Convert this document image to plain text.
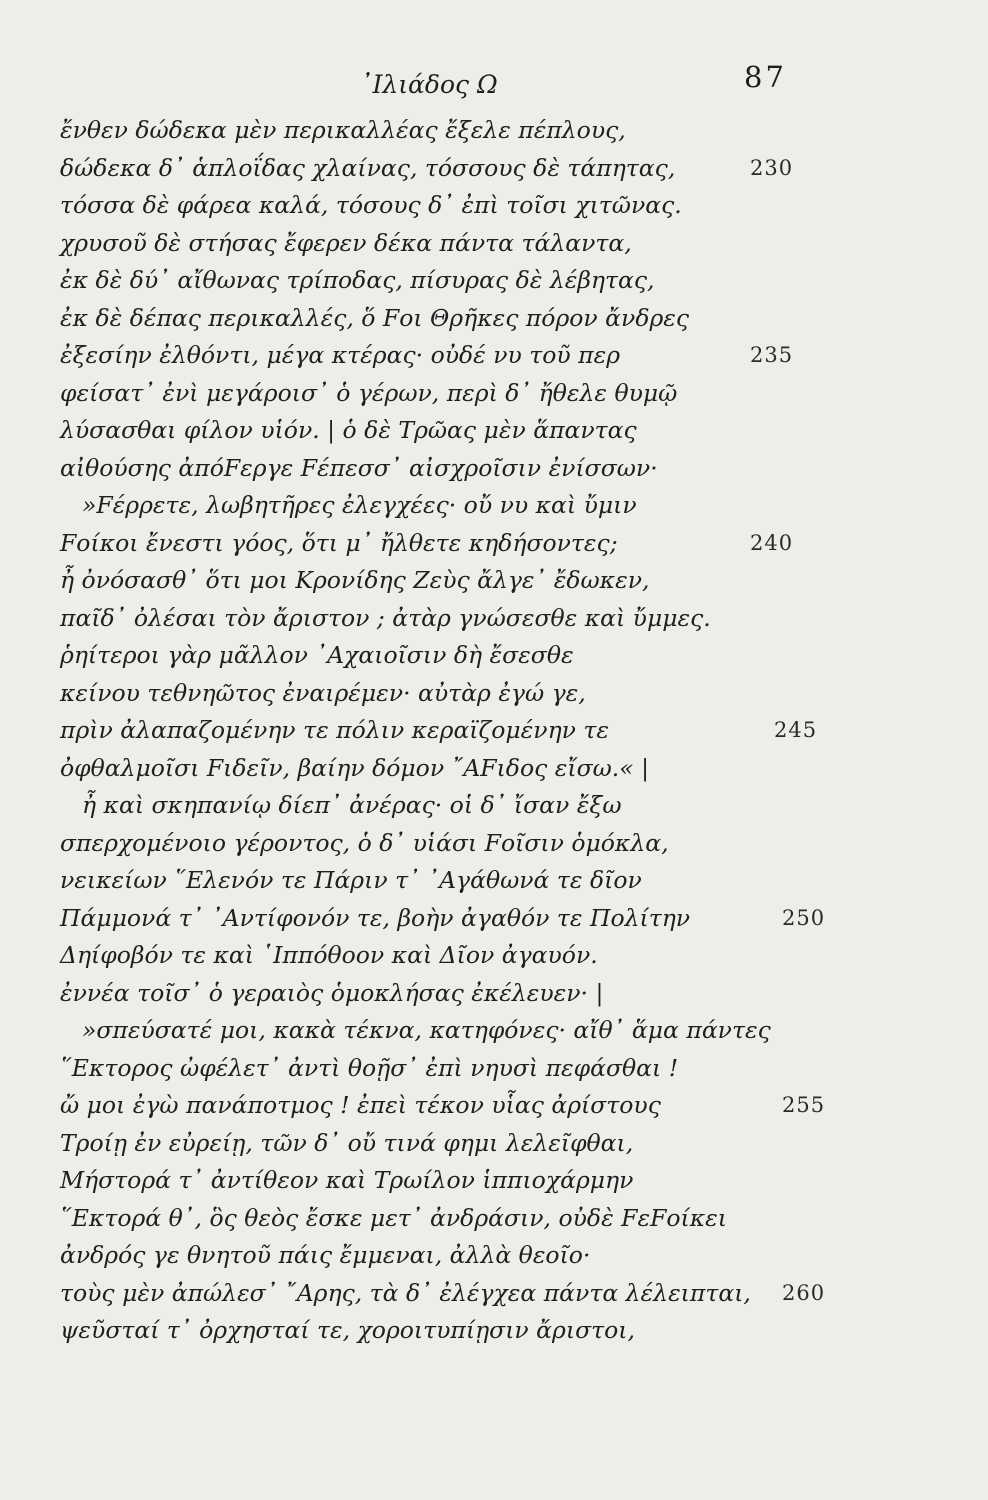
᾿Ιλιάδος Ω	87
ἔνθεν δώδεκα μὲν περικαλλέας ἔξελε πέπλους,
δώδεκα δ᾿ ἁπλοΐδας χλαίνας, τόσσους δὲ τάπητας,	230
τόσσα δὲ φάρεα καλά, τόσους δ᾿ ἐπὶ τοῖσι χιτῶνας.
χρυσοῦ δὲ στήσας ἔφερεν δέκα πάντα τάλαντα,
ἐκ δὲ δύ᾿ αἴθωνας τρίποδας, πίσυρας δὲ λέβητας,
ἐκ δὲ δέπας περικαλλές, ὅ Fοι Θρῆκες πόρον ἄνδρες
ἐξεσίην ἐλθόντι, μέγα κτέρας· οὐδέ νυ τοῦ περ	235
φείσατ᾿ ἐνὶ μεγάροισ᾿ ὁ γέρων, περὶ δ᾿ ἤθελε θυμῷ
λύσασθαι φίλον υἱόν. | ὁ δὲ Τρῶας μὲν ἅπαντας
αἰθούσης ἀπόFεργε Fέπεσσ᾿ αἰσχροῖσιν ἐνίσσων·
»Fέρρετε, λωβητῆρες ἐλεγχέες· οὔ νυ καὶ ὔμιν
Fοίκοι ἔνεστι γόος, ὅτι μ᾿ ἤλθετε κηδήσοντες;	240
ἦ ὀνόσασθ᾿ ὅτι μοι Κρονίδης Ζεὺς ἄλγε᾿ ἔδωκεν,
παῖδ᾿ ὀλέσαι τὸν ἄριστον ; ἀτὰρ γνώσεσθε καὶ ὔμμες.
ῥηίτεροι γὰρ μᾶλλον ᾿Αχαιοῖσιν δὴ ἔσεσθε
κείνου τεθνηῶτος ἐναιρέμεν· αὐτὰρ ἐγώ γε,
πρὶν ἀλαπαζομένην τε πόλιν κεραϊζομένην τε	245
ὀφθαλμοῖσι Fιδεῖν, βαίην δόμον ῎ΑFιδος εἴσω.« |
ἦ καὶ σκηπανίῳ δίεπ᾿ ἀνέρας· οἱ δ᾿ ἴσαν ἔξω
σπερχομένοιο γέροντος, ὁ δ᾿ υἱάσι Fοῖσιν ὁμόκλα,
νεικείων ῞Ελενόν τε Πάριν τ᾿ ᾿Αγάθωνά τε δῖον
Πάμμονά τ᾿ ᾿Αντίφονόν τε, βοὴν ἀγαθόν τε Πολίτην	250
Δηίφοβόν τε καὶ ῾Ιππόθοον καὶ Δῖον ἀγαυόν.
ἐννέα τοῖσ᾿ ὁ γεραιὸς ὁμοκλήσας ἐκέλευεν· |
»σπεύσατέ μοι, κακὰ τέκνα, κατηφόνες· αἴθ᾿ ἅμα πάντες
῞Εκτορος ὠφέλετ᾿ ἀντὶ θοῇσ᾿ ἐπὶ νηυσὶ πεφάσθαι !
ὤ μοι ἐγὼ πανάποτμος ! ἐπεὶ τέκον υἷας ἀρίστους	255
Τροίῃ ἐν εὐρείῃ, τῶν δ᾿ οὔ τινά φημι λελεῖφθαι,
Μήστορά τ᾿ ἀντίθεον καὶ Τρωίλον ἱππιοχάρμην
῞Εκτορά θ᾿, ὃς θεὸς ἔσκε μετ᾿ ἀνδράσιν, οὐδὲ FεFοίκει
ἀνδρός γε θνητοῦ πάις ἔμμεναι, ἀλλὰ θεοῖο·
τοὺς μὲν ἀπώλεσ᾿ ῎Αρης, τὰ δ᾿ ἐλέγχεα πάντα λέλειπται, 260
ψεῦσταί τ᾿ ὀρχησταί τε, χοροιτυπίῃσιν ἄριστοι,
